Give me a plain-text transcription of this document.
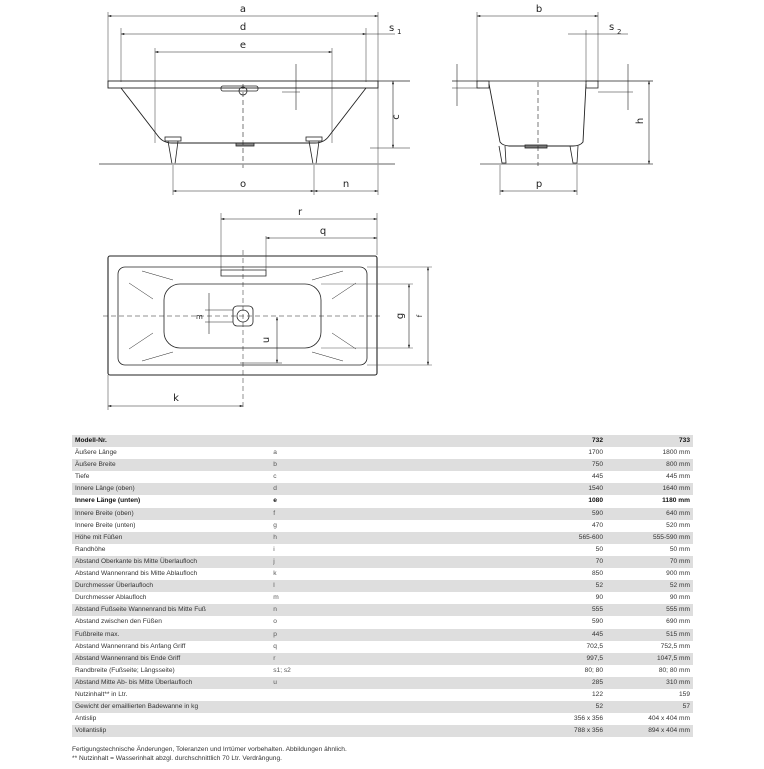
a
d
e
s 1
o	n
c
b
s 2
p
h
r
q
k
m
u
g f
Modell-Nr.		732	733
Äußere Länge	a	1700	1800 mm
Äußere Breite	b	750	800 mm
Tiefe	c	445	445 mm
Innere Länge (oben)	d	1540	1640 mm
Innere Länge (unten)	e	1080	1180 mm
Innere Breite (oben)	f	590	640 mm
Innere Breite (unten)	g	470	520 mm
Höhe mit Füßen	h	565-600	555-590 mm
Randhöhe	i	50	50 mm
Abstand Oberkante bis Mitte Überlaufloch	j	70	70 mm
Abstand Wannenrand bis Mitte Ablaufloch	k	850	900 mm
Durchmesser Überlaufloch	l	52	52 mm
Durchmesser Ablaufloch	m	90	90 mm
Abstand Fußseite Wannenrand bis Mitte Fuß	n	555	555 mm
Abstand zwischen den Füßen	o	590	690 mm
Fußbreite max.	p	445	515 mm
Abstand Wannenrand bis Anfang Griff	q	702,5	752,5 mm
Abstand Wannenrand bis Ende Griff	r	997,5	1047,5 mm
Randbreite (Fußseite; Längsseite)	s1; s2	80; 80	80; 80 mm
Abstand Mitte Ab- bis Mitte Überlaufloch	u	285	310 mm
Nutzinhalt** in Ltr.		122	159
Gewicht der emaillierten Badewanne in kg		52	57
Antislip		356 x 356	404 x 404 mm
Vollantislip		788 x 356	894 x 404 mm
Fertigungstechnische Änderungen, Toleranzen und Irrtümer vorbehalten. Abbildungen ähnlich.
** Nutzinhalt = Wasserinhalt abzgl. durchschnittlich 70 Ltr. Verdrängung.
